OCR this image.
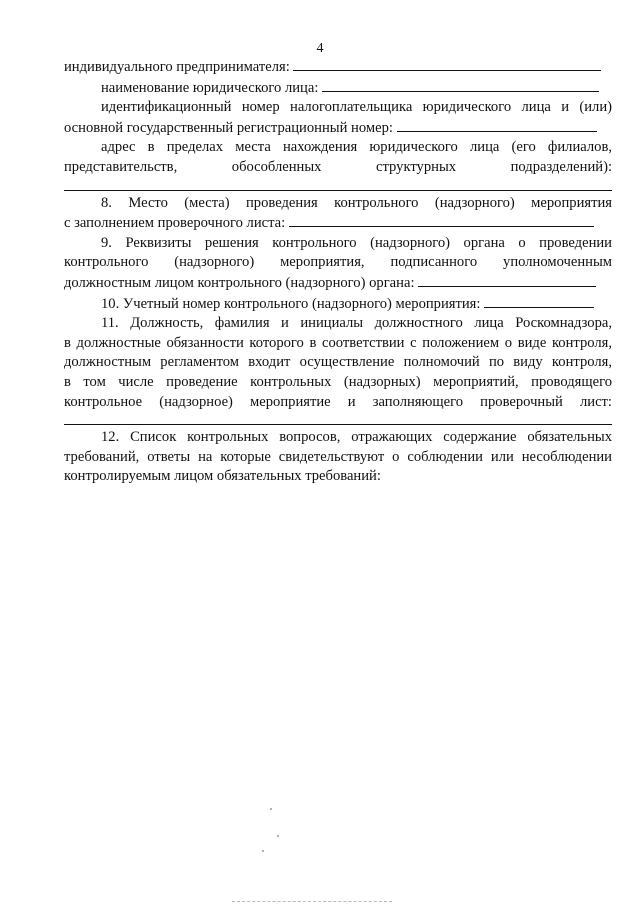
4

индивидуального предпринимателя:

наименование юридического лица:

идентификационный номер налогоплательщика юридического лица и (или)

основной государственный регистрационный номер:

адрес в пределах места нахождения юридического лица (его филиалов,

представительств, обособленных структурных подразделений):

8. Место (места) проведения контрольного (надзорного) мероприятия

с заполнением проверочного листа:

9. Реквизиты решения контрольного (надзорного) органа о проведении

контрольного (надзорного) мероприятия, подписанного уполномоченным

должностным лицом контрольного (надзорного) органа:

10. Учетный номер контрольного (надзорного) мероприятия:

11. Должность, фамилия и инициалы должностного лица Роскомнадзора,

в должностные обязанности которого в соответствии с положением о виде контроля,

должностным регламентом входит осуществление полномочий по виду контроля,

в том числе проведение контрольных (надзорных) мероприятий, проводящего

контрольное (надзорное) мероприятие и заполняющего проверочный лист:

12. Список контрольных вопросов, отражающих содержание обязательных

требований, ответы на которые свидетельствуют о соблюдении или несоблюдении

контролируемым лицом обязательных требований:
